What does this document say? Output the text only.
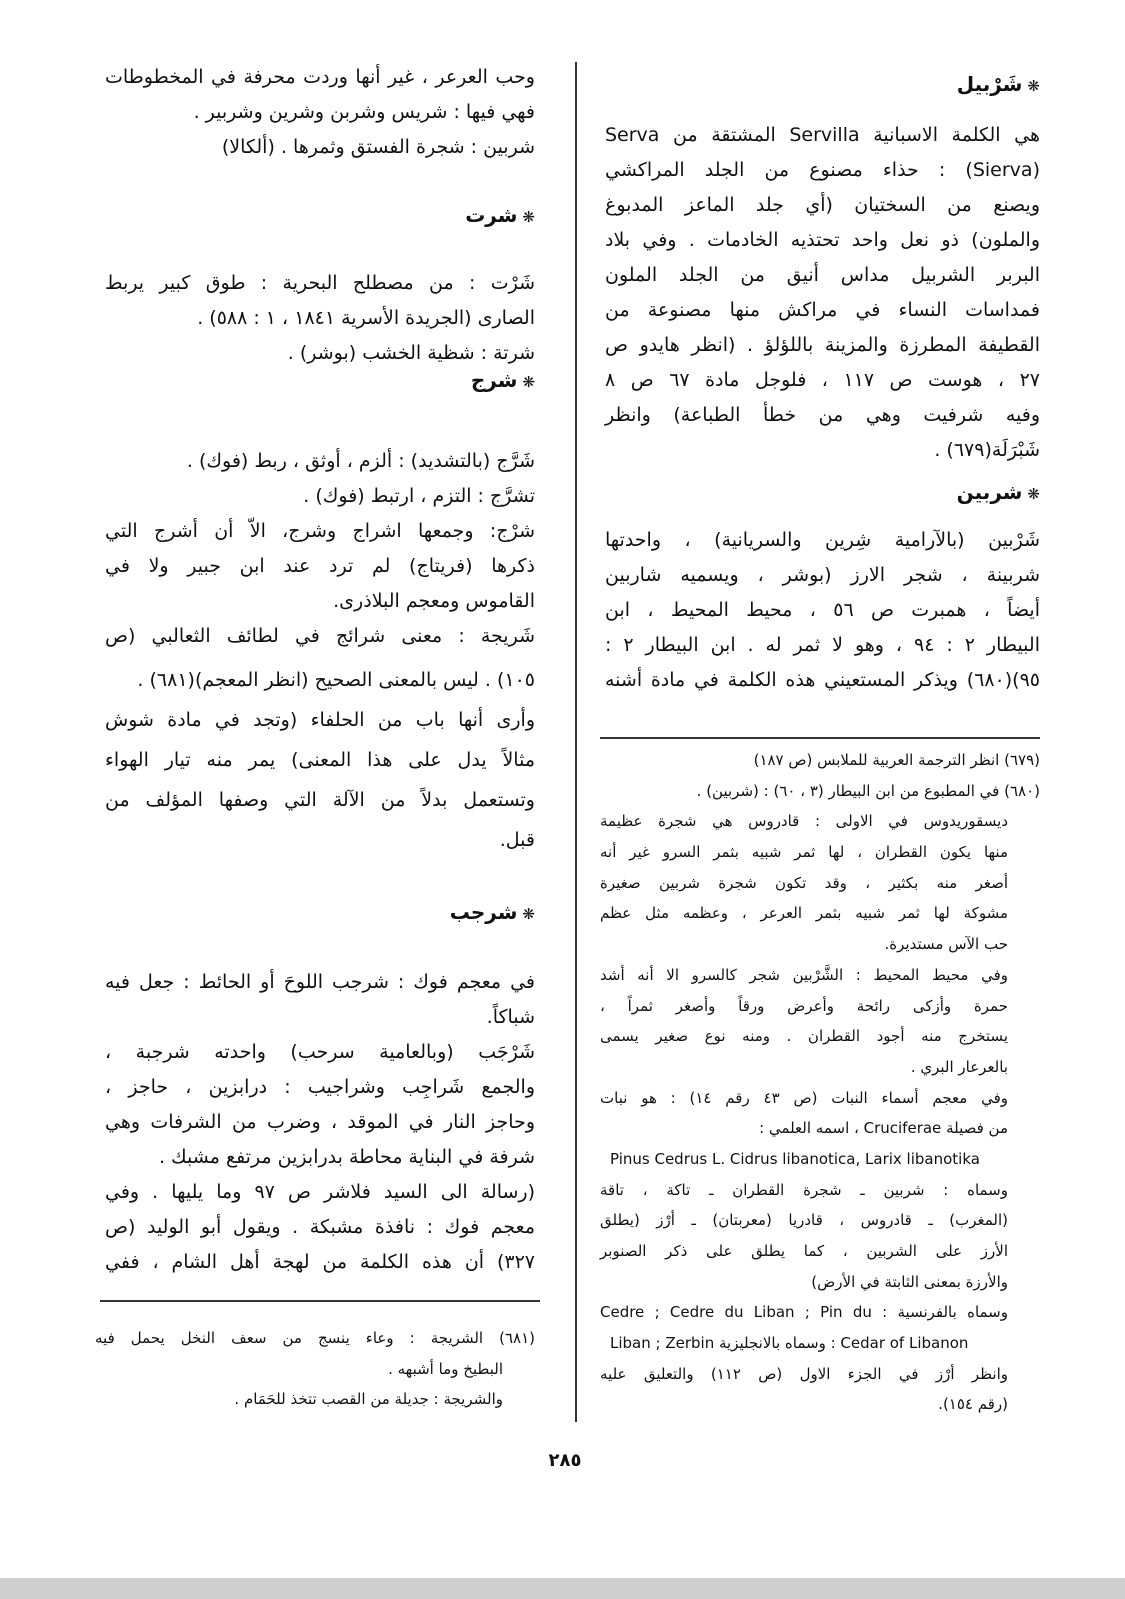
❋شَرْبيل
هي الكلمة الاسبانية Servilla المشتقة من Serva
(Sierva) : حذاء مصنوع من الجلد المراكشي
ويصنع من السختيان (أي جلد الماعز المدبوغ
والملون) ذو نعل واحد تحتذيه الخادمات . وفي بلاد
البربر الشربيل مداس أنيق من الجلد الملون
فمداسات النساء في مراكش منها مصنوعة من
القطيفة المطرزة والمزينة باللؤلؤ . (انظر هايدو ص
٢٧ ، هوست ص ١١٧ ، فلوجل مادة ٦٧ ص ٨
وفيه شرفيت وهي من خطأ الطباعة) وانظر
شَبْرَلَة(٦٧٩) .
❋شربين
شَرْبين (بالآرامية شِرين والسريانية) ، واحدتها
شربينة ، شجر الارز (بوشر ، ويسميه شاربين
أيضاً ، همبرت ص ٥٦ ، محيط المحيط ، ابن
البيطار ٢ : ٩٤ ، وهو لا ثمر له . ابن البيطار ٢ :
٩٥)(٦٨٠) ويذكر المستعيني هذه الكلمة في مادة أشنه
(٦٧٩) انظر الترجمة العربية للملابس (ص ١٨٧)
(٦٨٠) في المطبوع من ابن البيطار (٣ ، ٦٠) : (شربين) .
ديسقوريدوس في الاولى : قادروس هي شجرة عظيمة
منها يكون القطران ، لها ثمر شبيه بثمر السرو غير أنه
أصغر منه بكثير ، وقد تكون شجرة شربين صغيرة
مشوكة لها ثمر شبيه بثمر العرعر ، وعظمه مثل عظم
حب الآس مستديرة.
وفي محيط المحيط : الشَّرْبين شجر كالسرو الا أنه أشد
حمرة وأزكى رائحة وأعرض ورقاً وأصغر ثمراً ،
يستخرج منه أجود القطران . ومنه نوع صغير يسمى
بالعرعار البري .
وفي معجم أسماء النبات (ص ٤٣ رقم ١٤) : هو نبات
من فصيلة Cruciferae ، اسمه العلمي :
Pinus Cedrus L. Cidrus libanotica, Larix libanotika
وسماه : شربين ـ شجرة القطران ـ تاكة ، تاقة
(المغرب) ـ قادروس ، قادريا (معربتان) ـ أرْز (يطلق
الأرز على الشربين ، كما يطلق على ذكر الصنوبر
والأرزة بمعنى الثابتة في الأرض)
وسماه بالفرنسية : Cedre ; Cedre du Liban ; Pin du
Liban ; Zerbin وسماه بالانجليزية : Cedar of Libanon
وانظر أرْز في الجزء الاول (ص ١١٢) والتعليق عليه
(رقم ١٥٤).
وحب العرعر ، غير أنها وردت محرفة في المخطوطات
فهي فيها : شريس وشربن وشرين وشربير .
شربين : شجرة الفستق وثمرها . (ألكالا)
❋شرت
شَرْت : من مصطلح البحرية : طوق كبير يربط
الصارى (الجريدة الأسرية ١٨٤١ ، ١ : ٥٨٨) .
شرتة : شظية الخشب (بوشر) .
❋شرج
شَرَّج (بالتشديد) : ألزم ، أوثق ، ربط (فوك) .
تشرَّج : التزم ، ارتبط (فوك) .
شرْج: وجمعها اشراج وشرج، الاّ أن أشرج التي
ذكرها (فريتاج) لم ترد عند ابن جبير ولا في
القاموس ومعجم البلاذرى.
شَريجة : معنى شرائج في لطائف الثعالبي (ص
١٠٥) . ليس بالمعنى الصحيح (انظر المعجم)(٦٨١) .
وأرى أنها باب من الحلفاء (وتجد في مادة شوش
مثالاً يدل على هذا المعنى) يمر منه تيار الهواء
وتستعمل بدلاً من الآلة التي وصفها المؤلف من
قبل.
❋شرجب
في معجم فوك : شرجب اللوحَ أو الحائط : جعل فيه
شباكاً.
شَرْجَب (وبالعامية سرحب) واحدته شرجبة ،
والجمع شَراجِب وشراجيب : درابزين ، حاجز ،
وحاجز النار في الموقد ، وضرب من الشرفات وهي
شرفة في البناية محاطة بدرابزين مرتفع مشبك .
(رسالة الى السيد فلاشر ص ٩٧ وما يليها . وفي
معجم فوك : نافذة مشبكة . ويقول أبو الوليد (ص
٣٢٧) أن هذه الكلمة من لهجة أهل الشام ، ففي
(٦٨١) الشريجة : وعاء ينسج من سعف النخل يحمل فيه
البطيخ وما أشبهه .
والشريجة : جديلة من القصب تتخذ للحَمَام .
٢٨٥
